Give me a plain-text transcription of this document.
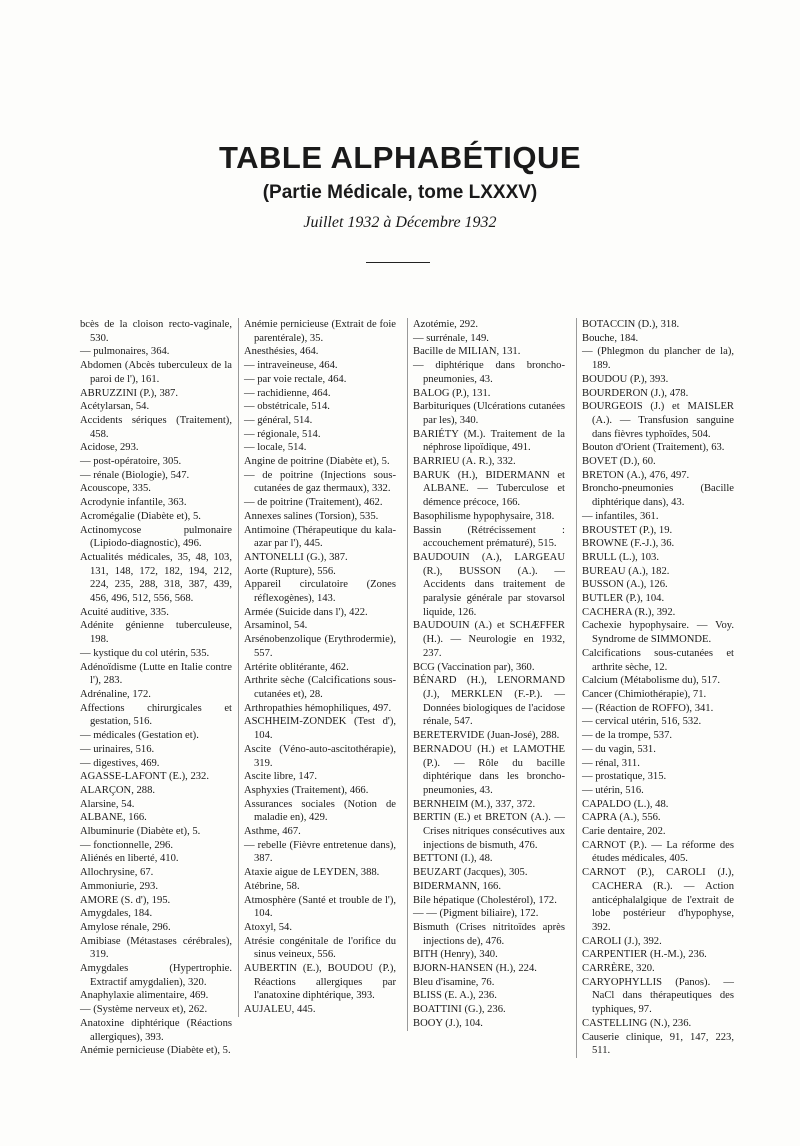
TABLE ALPHABÉTIQUE
(Partie Médicale, tome LXXXV)
Juillet 1932 à Décembre 1932
bcès de la cloison recto-vaginale, 530.
— pulmonaires, 364.
Abdomen (Abcès tuberculeux de la paroi de l'), 161.
ABRUZZINI (P.), 387.
Acétylarsan, 54.
Accidents sériques (Traitement), 458.
Acidose, 293.
— post-opératoire, 305.
— rénale (Biologie), 547.
Acouscope, 335.
Acrodynie infantile, 363.
Acromégalie (Diabète et), 5.
Actinomycose pulmonaire (Lipiodo-diagnostic), 496.
Actualités médicales, 35, 48, 103, 131, 148, 172, 182, 194, 212, 224, 235, 288, 318, 387, 439, 456, 496, 512, 556, 568.
Acuité auditive, 335.
Adénite génienne tuberculeuse, 198.
— kystique du col utérin, 535.
Adénoïdisme (Lutte en Italie contre l'), 283.
Adrénaline, 172.
Affections chirurgicales et gestation, 516.
— médicales (Gestation et).
— urinaires, 516.
— digestives, 469.
AGASSE-LAFONT (E.), 232.
ALARÇON, 288.
Alarsine, 54.
ALBANE, 166.
Albuminurie (Diabète et), 5.
— fonctionnelle, 296.
Aliénés en liberté, 410.
Allochrysine, 67.
Ammoniurie, 293.
AMORE (S. d'), 195.
Amygdales, 184.
Amylose rénale, 296.
Amibiase (Métastases cérébrales), 319.
Amygdales (Hypertrophie. Extractif amygdalien), 320.
Anaphylaxie alimentaire, 469.
— (Système nerveux et), 262.
Anatoxine diphtérique (Réactions allergiques), 393.
Anémie pernicieuse (Diabète et), 5.
Anémie pernicieuse (Extrait de foie parentérale), 35.
Anesthésies, 464.
— intraveineuse, 464.
— par voie rectale, 464.
— rachidienne, 464.
— obstétricale, 514.
— général, 514.
— régionale, 514.
— locale, 514.
Angine de poitrine (Diabète et), 5.
— de poitrine (Injections sous-cutanées de gaz thermaux), 332.
— de poitrine (Traitement), 462.
Annexes salines (Torsion), 535.
Antimoine (Thérapeutique du kala-azar par l'), 445.
ANTONELLI (G.), 387.
Aorte (Rupture), 556.
Appareil circulatoire (Zones réflexogènes), 143.
Armée (Suicide dans l'), 422.
Arsaminol, 54.
Arsénobenzolique (Erythrodermie), 557.
Artérite oblitérante, 462.
Arthrite sèche (Calcifications sous-cutanées et), 28.
Arthropathies hémophiliques, 497.
ASCHHEIM-ZONDEK (Test d'), 104.
Ascite (Véno-auto-ascitothérapie), 319.
Ascite libre, 147.
Asphyxies (Traitement), 466.
Assurances sociales (Notion de maladie en), 429.
Asthme, 467.
— rebelle (Fièvre entretenue dans), 387.
Ataxie aigue de LEYDEN, 388.
Atébrine, 58.
Atmosphère (Santé et trouble de l'), 104.
Atoxyl, 54.
Atrésie congénitale de l'orifice du sinus veineux, 556.
AUBERTIN (E.), BOUDOU (P.), Réactions allergiques par l'anatoxine diphtérique, 393.
AUJALEU, 445.
Azotémie, 292.
— surrénale, 149.
Bacille de MILIAN, 131.
— diphtérique dans broncho-pneumonies, 43.
BALOG (P.), 131.
Barbituriques (Ulcérations cutanées par les), 340.
BARIÉTY (M.). Traitement de la néphrose lipoïdique, 491.
BARRIEU (A. R.), 332.
BARUK (H.), BIDERMANN et ALBANE. — Tuberculose et démence précoce, 166.
Basophilisme hypophysaire, 318.
Bassin (Rétrécissement : accouchement prématuré), 515.
BAUDOUIN (A.), LARGEAU (R.), BUSSON (A.). — Accidents dans traitement de paralysie générale par stovarsol liquide, 126.
BAUDOUIN (A.) et SCHÆFFER (H.). — Neurologie en 1932, 237.
BCG (Vaccination par), 360.
BÉNARD (H.), LENORMAND (J.), MERKLEN (F.-P.). — Données biologiques de l'acidose rénale, 547.
BERETERVIDE (Juan-José), 288.
BERNADOU (H.) et LAMOTHE (P.). — Rôle du bacille diphtérique dans les broncho-pneumonies, 43.
BERNHEIM (M.), 337, 372.
BERTIN (E.) et BRETON (A.). — Crises nitriques consécutives aux injections de bismuth, 476.
BETTONI (I.), 48.
BEUZART (Jacques), 305.
BIDERMANN, 166.
Bile hépatique (Cholestérol), 172.
— — (Pigment biliaire), 172.
Bismuth (Crises nitritoïdes après injections de), 476.
BITH (Henry), 340.
BJORN-HANSEN (H.), 224.
Bleu d'isamine, 76.
BLISS (E. A.), 236.
BOATTINI (G.), 236.
BOOY (J.), 104.
BOTACCIN (D.), 318.
Bouche, 184.
— (Phlegmon du plancher de la), 189.
BOUDOU (P.), 393.
BOURDERON (J.), 478.
BOURGEOIS (J.) et MAISLER (A.). — Transfusion sanguine dans fièvres typhoïdes, 504.
Bouton d'Orient (Traitement), 63.
BOVET (D.), 60.
BRETON (A.), 476, 497.
Broncho-pneumonies (Bacille diphtérique dans), 43.
— infantiles, 361.
BROUSTET (P.), 19.
BROWNE (F.-J.), 36.
BRULL (L.), 103.
BUREAU (A.), 182.
BUSSON (A.), 126.
BUTLER (P.), 104.
CACHERA (R.), 392.
Cachexie hypophysaire. — Voy. Syndrome de SIMMONDE.
Calcifications sous-cutanées et arthrite sèche, 12.
Calcium (Métabolisme du), 517.
Cancer (Chimiothérapie), 71.
— (Réaction de ROFFO), 341.
— cervical utérin, 516, 532.
— de la trompe, 537.
— du vagin, 531.
— rénal, 311.
— prostatique, 315.
— utérin, 516.
CAPALDO (L.), 48.
CAPRA (A.), 556.
Carie dentaire, 202.
CARNOT (P.). — La réforme des études médicales, 405.
CARNOT (P.), CAROLI (J.), CACHERA (R.). — Action anticéphalalgique de l'extrait de lobe postérieur d'hypophyse, 392.
CAROLI (J.), 392.
CARPENTIER (H.-M.), 236.
CARRÈRE, 320.
CARYOPHYLLIS (Panos). — NaCl dans thérapeutiques des typhiques, 97.
CASTELLING (N.), 236.
Causerie clinique, 91, 147, 223, 511.
